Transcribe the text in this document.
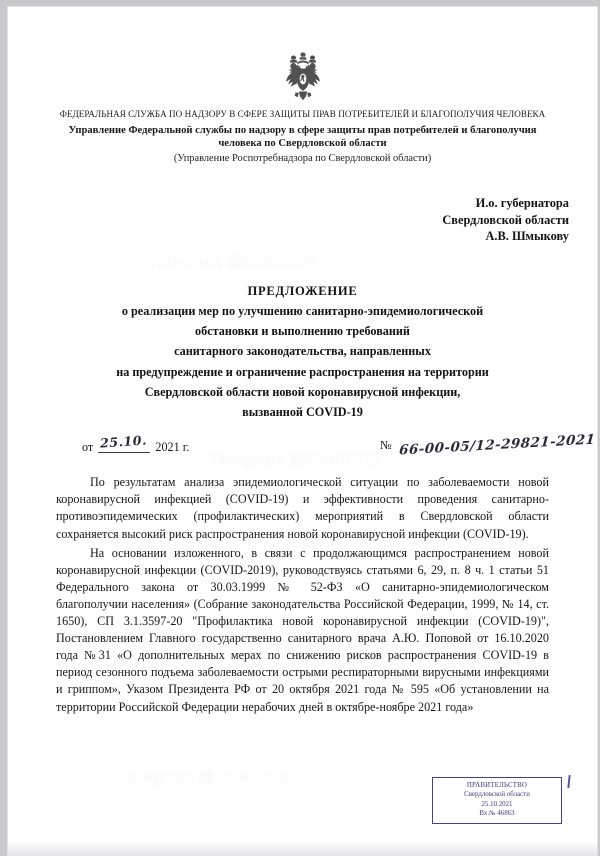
ФЕДЕРАЛЬНАЯ СЛУЖБА ПО НАДЗОРУ В СФЕРЕ ЗАЩИТЫ ПРАВ ПОТРЕБИТЕЛЕЙ И БЛАГОПОЛУЧИЯ ЧЕЛОВЕКА
Управление Федеральной службы по надзору в сфере защиты прав потребителей и благополучия человека по Свердловской области
(Управление Роспотребнадзора по Свердловской области)
И.о. губернатора
Свердловской области
А.В. Шмыкову
ПРЕДЛОЖЕНИЕ
о реализации мер по улучшению санитарно-эпидемиологической
обстановки и выполнению требований
санитарного законодательства, направленных
на предупреждение и ограничение распространения на территории
Свердловской области новой коронавирусной инфекции,
вызванной COVID-19
от 25.10. 2021 г.	№ 66-00-05/12-29821-2021

По результатам анализа эпидемиологической ситуации по заболеваемости новой коронавирусной инфекцией (COVID-19) и эффективности проведения санитарно-противоэпидемических (профилактических) мероприятий в Свердловской области сохраняется высокий риск распространения новой коронавирусной инфекции (COVID-19).

На основании изложенного, в связи с продолжающимся распространением новой коронавирусной инфекции (COVID-2019), руководствуясь статьями 6, 29, п. 8 ч. 1 статьи 51 Федерального закона от 30.03.1999 № 52-ФЗ «О санитарно-эпидемиологическом благополучии населения» (Собрание законодательства Российской Федерации, 1999, № 14, ст. 1650), СП 3.1.3597-20 "Профилактика новой коронавирусной инфекции (COVID-19)", Постановлением Главного государственно санитарного врача А.Ю. Поповой от 16.10.2020 года №31 «О дополнительных мерах по снижению рисков распространения COVID-19 в период сезонного подъема заболеваемости острыми респираторными вирусными инфекциями и гриппом», Указом Президента РФ от 20 октября 2021 года № 595 «Об установлении на территории Российской Федерации нерабочих дней в октябре-ноябре 2021 года»

Telegram @SvetEKB
Telegram @SvetEKB
Telegram @SvetEKB	ПРАВИТЕЛЬСТВО
Свердловской области
25.10.2021
Вх.№ 46863
